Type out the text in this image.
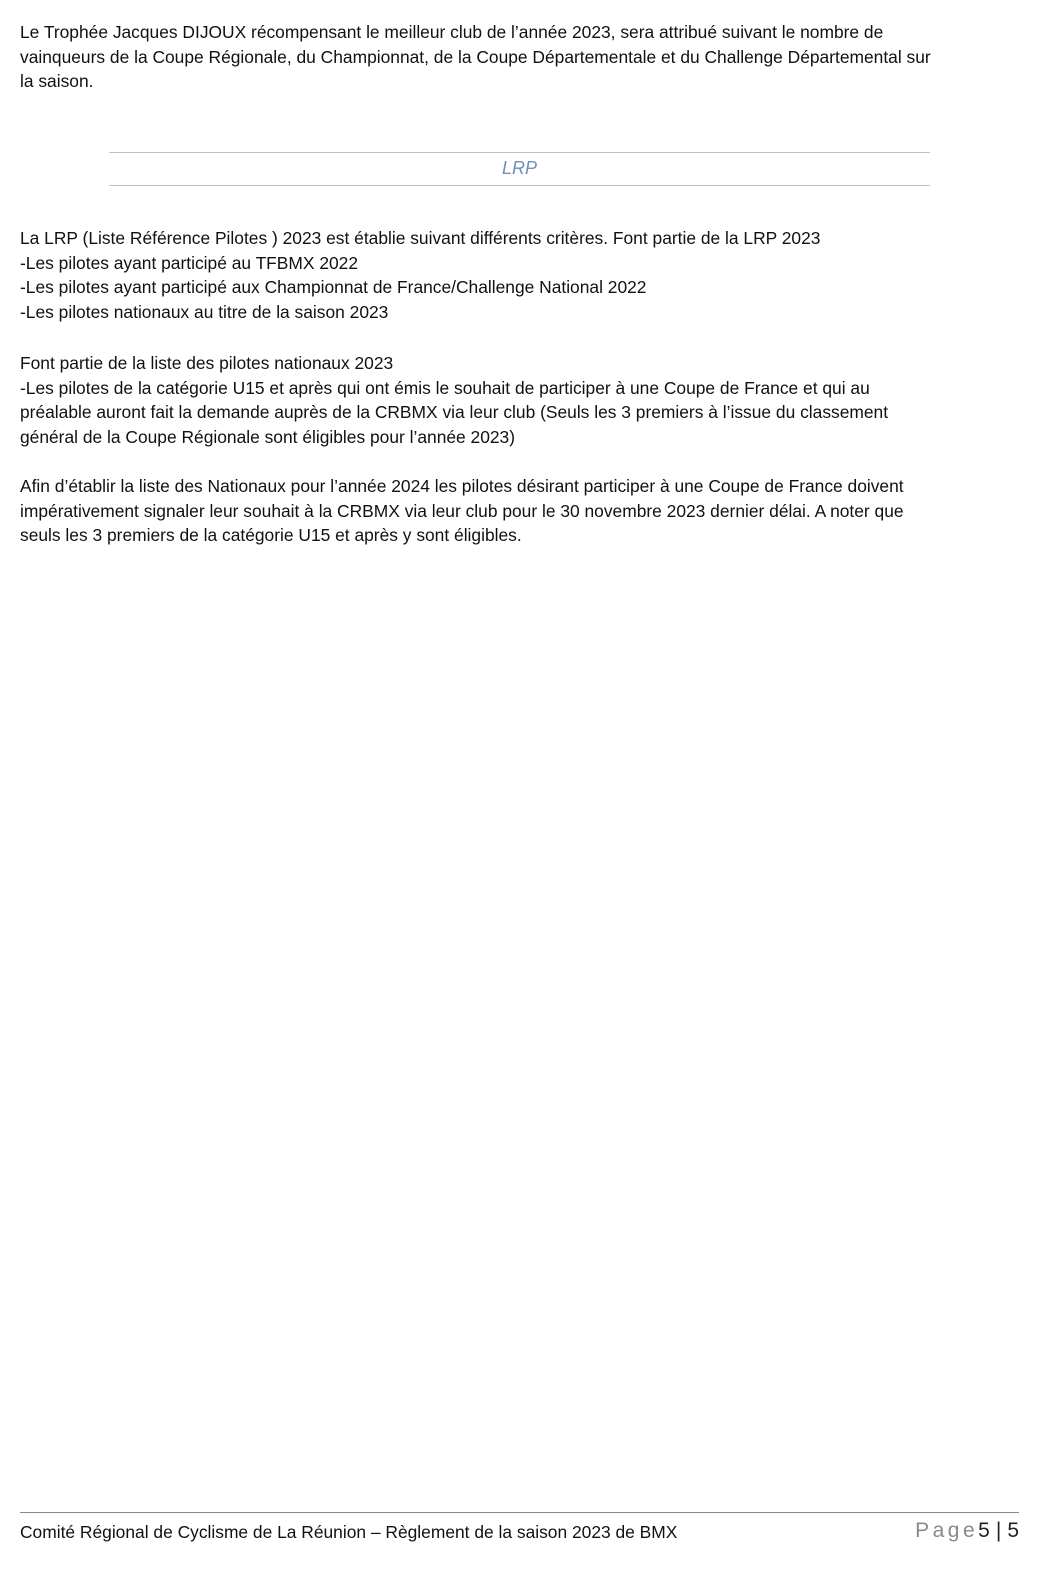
Le Trophée Jacques DIJOUX récompensant le meilleur club de l’année 2023, sera attribué suivant le nombre de
vainqueurs de la Coupe Régionale, du Championnat, de la Coupe Départementale et du Challenge Départemental sur
la saison.
LRP
La LRP (Liste Référence Pilotes ) 2023 est établie suivant différents critères. Font partie de la LRP 2023
-Les pilotes ayant participé au TFBMX 2022
-Les pilotes ayant participé aux Championnat de France/Challenge National 2022
-Les pilotes nationaux au titre de la saison 2023
Font partie de la liste des pilotes nationaux 2023
-Les pilotes de la catégorie U15 et après qui ont émis le souhait de participer à une Coupe de France et qui au
préalable auront fait la demande auprès de la CRBMX via leur club (Seuls les 3 premiers à l’issue du classement
général de la Coupe Régionale sont éligibles pour l’année 2023)
Afin d’établir la liste des Nationaux pour l’année 2024 les pilotes désirant participer à une Coupe de France doivent
impérativement signaler leur souhait à la CRBMX via leur club pour le 30 novembre 2023 dernier délai. A noter que
seuls les 3 premiers de la catégorie U15 et après y sont éligibles.
Comité Régional de Cyclisme de La Réunion – Règlement de la saison 2023 de BMX	Page5 | 5
